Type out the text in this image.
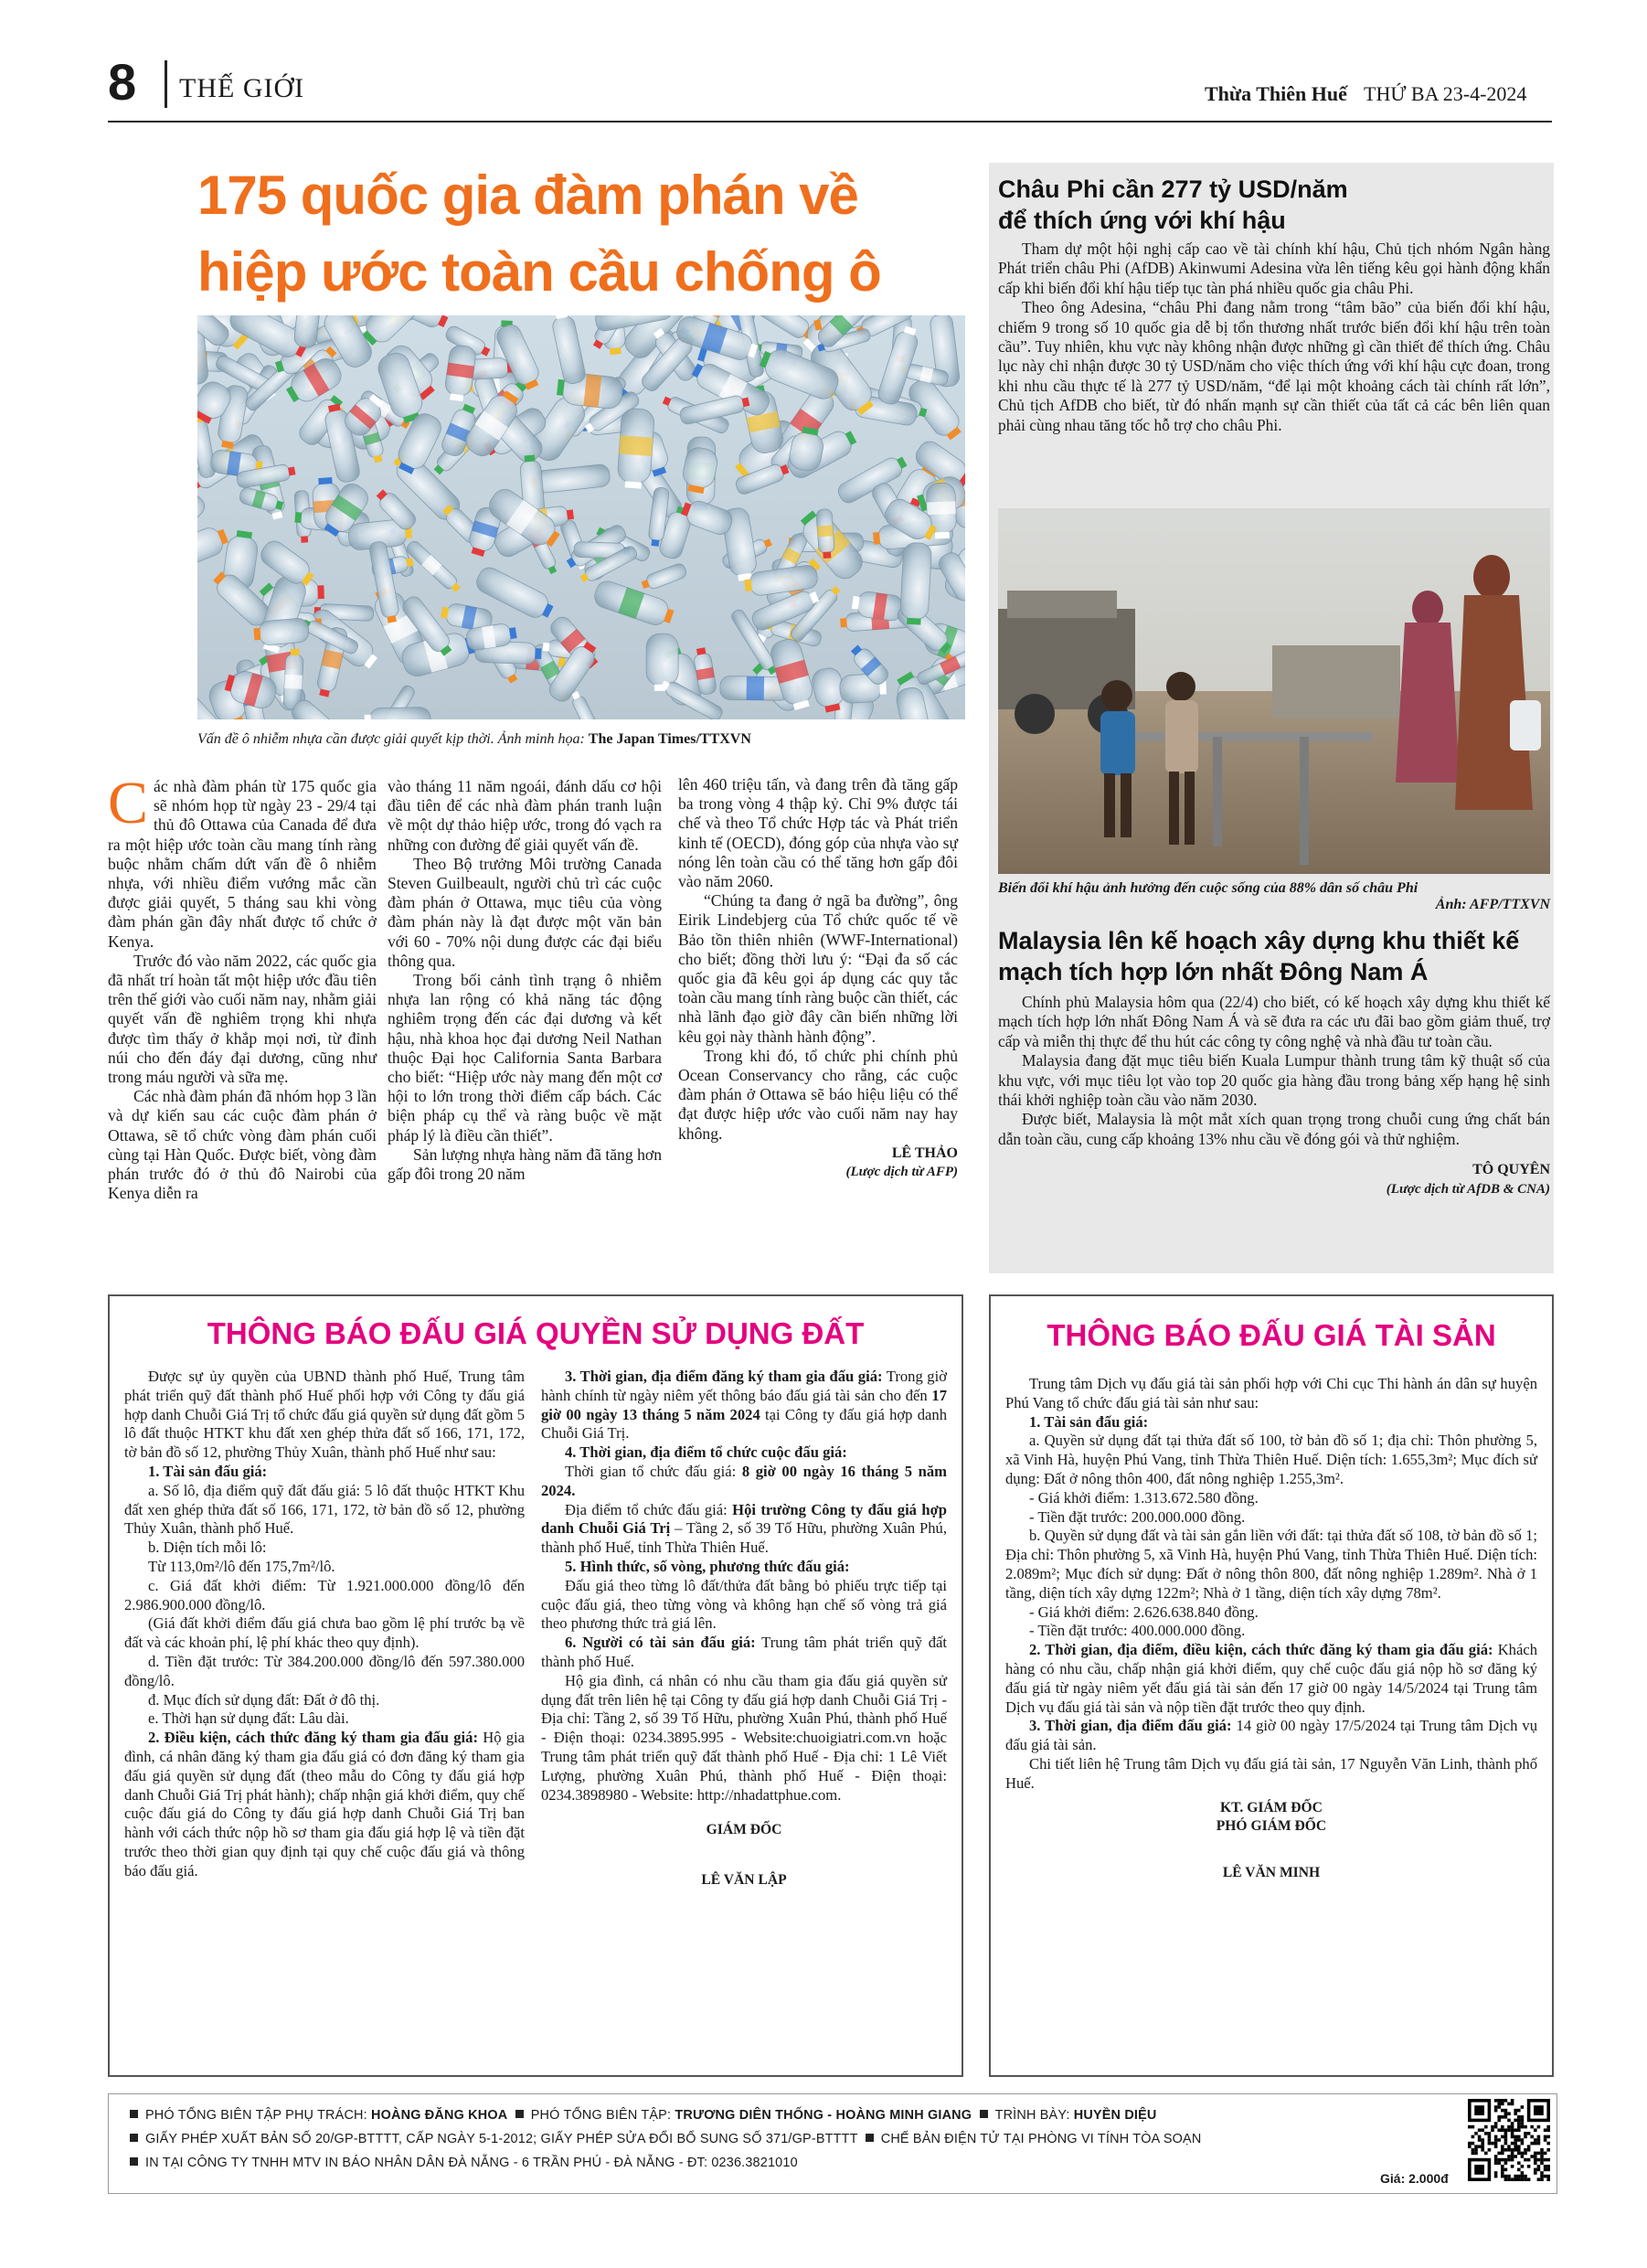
8 THẾ GIỚI	Thừa Thiên Huế THỨ BA 23-4-2024
175 quốc gia đàm phán về hiệp ước toàn cầu chống ô
Vấn đề ô nhiễm nhựa cần được giải quyết kịp thời. Ảnh minh họa: The Japan Times/TTXVN

Các nhà đàm phán từ 175 quốc gia sẽ nhóm họp từ ngày 23 - 29/4 tại thủ đô Ottawa của Canada để đưa ra một hiệp ước toàn cầu mang tính ràng buộc nhằm chấm dứt vấn đề ô nhiễm nhựa, với nhiều điểm vướng mắc cần được giải quyết, 5 tháng sau khi vòng đàm phán gần đây nhất được tổ chức ở Kenya.

Trước đó vào năm 2022, các quốc gia đã nhất trí hoàn tất một hiệp ước đầu tiên trên thế giới vào cuối năm nay, nhằm giải quyết vấn đề nghiêm trọng khi nhựa được tìm thấy ở khắp mọi nơi, từ đỉnh núi cho đến đáy đại dương, cũng như trong máu người và sữa mẹ.

Các nhà đàm phán đã nhóm họp 3 lần và dự kiến sau các cuộc đàm phán ở Ottawa, sẽ tổ chức vòng đàm phán cuối cùng tại Hàn Quốc. Được biết, vòng đàm phán trước đó ở thủ đô Nairobi của Kenya diễn ra

vào tháng 11 năm ngoái, đánh dấu cơ hội đầu tiên để các nhà đàm phán tranh luận về một dự thảo hiệp ước, trong đó vạch ra những con đường để giải quyết vấn đề.

Theo Bộ trưởng Môi trường Canada Steven Guilbeault, người chủ trì các cuộc đàm phán ở Ottawa, mục tiêu của vòng đàm phán này là đạt được một văn bản với 60 - 70% nội dung được các đại biểu thông qua.

Trong bối cảnh tình trạng ô nhiễm nhựa lan rộng có khả năng tác động nghiêm trọng đến các đại dương và kết hậu, nhà khoa học đại dương Neil Nathan thuộc Đại học California Santa Barbara cho biết: “Hiệp ước này mang đến một cơ hội to lớn trong thời điểm cấp bách. Các biện pháp cụ thể và ràng buộc về mặt pháp lý là điều cần thiết”.

Sản lượng nhựa hàng năm đã tăng hơn gấp đôi trong 20 năm

lên 460 triệu tấn, và đang trên đà tăng gấp ba trong vòng 4 thập kỷ. Chỉ 9% được tái chế và theo Tổ chức Hợp tác và Phát triển kinh tế (OECD), đóng góp của nhựa vào sự nóng lên toàn cầu có thể tăng hơn gấp đôi vào năm 2060.

“Chúng ta đang ở ngã ba đường”, ông Eirik Lindebjerg của Tổ chức quốc tế về Bảo tồn thiên nhiên (WWF-International) cho biết; đồng thời lưu ý: “Đại đa số các quốc gia đã kêu gọi áp dụng các quy tắc toàn cầu mang tính ràng buộc cần thiết, các nhà lãnh đạo giờ đây cần biến những lời kêu gọi này thành hành động”.

Trong khi đó, tổ chức phi chính phủ Ocean Conservancy cho rằng, các cuộc đàm phán ở Ottawa sẽ báo hiệu liệu có thể đạt được hiệp ước vào cuối năm nay hay không.

LÊ THẢO
(Lược dịch từ AFP)
Châu Phi cần 277 tỷ USD/năm để thích ứng với khí hậu

Tham dự một hội nghị cấp cao về tài chính khí hậu, Chủ tịch nhóm Ngân hàng Phát triển châu Phi (AfDB) Akinwumi Adesina vừa lên tiếng kêu gọi hành động khẩn cấp khi biến đổi khí hậu tiếp tục tàn phá nhiều quốc gia châu Phi.

Theo ông Adesina, “châu Phi đang nằm trong “tâm bão” của biến đổi khí hậu, chiếm 9 trong số 10 quốc gia dễ bị tổn thương nhất trước biến đổi khí hậu trên toàn cầu”. Tuy nhiên, khu vực này không nhận được những gì cần thiết để thích ứng. Châu lục này chỉ nhận được 30 tỷ USD/năm cho việc thích ứng với khí hậu cực đoan, trong khi nhu cầu thực tế là 277 tỷ USD/năm, “để lại một khoảng cách tài chính rất lớn”, Chủ tịch AfDB cho biết, từ đó nhấn mạnh sự cần thiết của tất cả các bên liên quan phải cùng nhau tăng tốc hỗ trợ cho châu Phi.

Biến đổi khí hậu ảnh hưởng đến cuộc sống của 88% dân số châu Phi
Ảnh: AFP/TTXVN
Malaysia lên kế hoạch xây dựng khu thiết kế mạch tích hợp lớn nhất Đông Nam Á

Chính phủ Malaysia hôm qua (22/4) cho biết, có kế hoạch xây dựng khu thiết kế mạch tích hợp lớn nhất Đông Nam Á và sẽ đưa ra các ưu đãi bao gồm giảm thuế, trợ cấp và miễn thị thực để thu hút các công ty công nghệ và nhà đầu tư toàn cầu.

Malaysia đang đặt mục tiêu biến Kuala Lumpur thành trung tâm kỹ thuật số của khu vực, với mục tiêu lọt vào top 20 quốc gia hàng đầu trong bảng xếp hạng hệ sinh thái khởi nghiệp toàn cầu vào năm 2030.

Được biết, Malaysia là một mắt xích quan trọng trong chuỗi cung ứng chất bán dẫn toàn cầu, cung cấp khoảng 13% nhu cầu về đóng gói và thử nghiệm.

TÔ QUYÊN
(Lược dịch từ AfDB & CNA)
THÔNG BÁO ĐẤU GIÁ QUYỀN SỬ DỤNG ĐẤT

Được sự ủy quyền của UBND thành phố Huế, Trung tâm phát triển quỹ đất thành phố Huế phối hợp với Công ty đấu giá hợp danh Chuỗi Giá Trị tổ chức đấu giá quyền sử dụng đất gồm 5 lô đất thuộc HTKT khu đất xen ghép thửa đất số 166, 171, 172, tờ bản đồ số 12, phường Thủy Xuân, thành phố Huế như sau:

1. Tài sản đấu giá:

a. Số lô, địa điểm quỹ đất đấu giá: 5 lô đất thuộc HTKT Khu đất xen ghép thửa đất số 166, 171, 172, tờ bản đồ số 12, phường Thủy Xuân, thành phố Huế.

b. Diện tích mỗi lô:

Từ 113,0m²/lô đến 175,7m²/lô.

c. Giá đất khởi điểm: Từ 1.921.000.000 đồng/lô đến 2.986.900.000 đồng/lô.

(Giá đất khởi điểm đấu giá chưa bao gồm lệ phí trước bạ về đất và các khoản phí, lệ phí khác theo quy định).

d. Tiền đặt trước: Từ 384.200.000 đồng/lô đến 597.380.000 đồng/lô.

đ. Mục đích sử dụng đất: Đất ở đô thị.

e. Thời hạn sử dụng đất: Lâu dài.

2. Điều kiện, cách thức đăng ký tham gia đấu giá: Hộ gia đình, cá nhân đăng ký tham gia đấu giá có đơn đăng ký tham gia đấu giá quyền sử dụng đất (theo mẫu do Công ty đấu giá hợp danh Chuỗi Giá Trị phát hành); chấp nhận giá khởi điểm, quy chế cuộc đấu giá do Công ty đấu giá hợp danh Chuỗi Giá Trị ban hành với cách thức nộp hồ sơ tham gia đấu giá hợp lệ và tiền đặt trước theo thời gian quy định tại quy chế cuộc đấu giá và thông báo đấu giá.

3. Thời gian, địa điểm đăng ký tham gia đấu giá: Trong giờ hành chính từ ngày niêm yết thông báo đấu giá tài sản cho đến 17 giờ 00 ngày 13 tháng 5 năm 2024 tại Công ty đấu giá hợp danh Chuỗi Giá Trị.

4. Thời gian, địa điểm tổ chức cuộc đấu giá:

Thời gian tổ chức đấu giá: 8 giờ 00 ngày 16 tháng 5 năm 2024.

Địa điểm tổ chức đấu giá: Hội trường Công ty đấu giá hợp danh Chuỗi Giá Trị – Tầng 2, số 39 Tố Hữu, phường Xuân Phú, thành phố Huế, tỉnh Thừa Thiên Huế.

5. Hình thức, số vòng, phương thức đấu giá:

Đấu giá theo từng lô đất/thửa đất bằng bỏ phiếu trực tiếp tại cuộc đấu giá, theo từng vòng và không hạn chế số vòng trả giá theo phương thức trả giá lên.

6. Người có tài sản đấu giá: Trung tâm phát triển quỹ đất thành phố Huế.

Hộ gia đình, cá nhân có nhu cầu tham gia đấu giá quyền sử dụng đất trên liên hệ tại Công ty đấu giá hợp danh Chuỗi Giá Trị - Địa chỉ: Tầng 2, số 39 Tố Hữu, phường Xuân Phú, thành phố Huế - Điện thoại: 0234.3895.995 - Website:chuoigiatri.com.vn hoặc Trung tâm phát triển quỹ đất thành phố Huế - Địa chỉ: 1 Lê Viết Lượng, phường Xuân Phú, thành phố Huế - Điện thoại: 0234.3898980 - Website: http://nhadattphue.com.

GIÁM ĐỐC
LÊ VĂN LẬP
THÔNG BÁO ĐẤU GIÁ TÀI SẢN

Trung tâm Dịch vụ đấu giá tài sản phối hợp với Chi cục Thi hành án dân sự huyện Phú Vang tổ chức đấu giá tài sản như sau:

1. Tài sản đấu giá:

a. Quyền sử dụng đất tại thửa đất số 100, tờ bản đồ số 1; địa chỉ: Thôn phường 5, xã Vinh Hà, huyện Phú Vang, tỉnh Thừa Thiên Huế. Diện tích: 1.655,3m²; Mục đích sử dụng: Đất ở nông thôn 400, đất nông nghiệp 1.255,3m².

- Giá khởi điểm: 1.313.672.580 đồng.

- Tiền đặt trước: 200.000.000 đồng.

b. Quyền sử dụng đất và tài sản gắn liền với đất: tại thửa đất số 108, tờ bản đồ số 1; Địa chỉ: Thôn phường 5, xã Vinh Hà, huyện Phú Vang, tỉnh Thừa Thiên Huế. Diện tích: 2.089m²; Mục đích sử dụng: Đất ở nông thôn 800, đất nông nghiệp 1.289m². Nhà ở 1 tầng, diện tích xây dựng 122m²; Nhà ở 1 tầng, diện tích xây dựng 78m².

- Giá khởi điểm: 2.626.638.840 đồng.

- Tiền đặt trước: 400.000.000 đồng.

2. Thời gian, địa điểm, điều kiện, cách thức đăng ký tham gia đấu giá: Khách hàng có nhu cầu, chấp nhận giá khởi điểm, quy chế cuộc đấu giá nộp hồ sơ đăng ký đấu giá từ ngày niêm yết đấu giá tài sản đến 17 giờ 00 ngày 14/5/2024 tại Trung tâm Dịch vụ đấu giá tài sản và nộp tiền đặt trước theo quy định.

3. Thời gian, địa điểm đấu giá: 14 giờ 00 ngày 17/5/2024 tại Trung tâm Dịch vụ đấu giá tài sản.

Chi tiết liên hệ Trung tâm Dịch vụ đấu giá tài sản, 17 Nguyễn Văn Linh, thành phố Huế.

KT. GIÁM ĐỐC
PHÓ GIÁM ĐỐC
LÊ VĂN MINH
PHÓ TỔNG BIÊN TẬP PHỤ TRÁCH: HOÀNG ĐĂNG KHOA PHÓ TỔNG BIÊN TẬP: TRƯƠNG DIÊN THỐNG - HOÀNG MINH GIANG TRÌNH BÀY: HUYỀN DIỆU
GIẤY PHÉP XUẤT BẢN SỐ 20/GP-BTTTT, CẤP NGÀY 5-1-2012; GIẤY PHÉP SỬA ĐỔI BỔ SUNG SỐ 371/GP-BTTTT CHẾ BẢN ĐIỆN TỬ TẠI PHÒNG VI TÍNH TÒA SOẠN
IN TẠI CÔNG TY TNHH MTV IN BÁO NHÂN DÂN ĐÀ NẴNG - 6 TRẦN PHÚ - ĐÀ NẴNG - ĐT: 0236.3821010
Giá: 2.000đ
